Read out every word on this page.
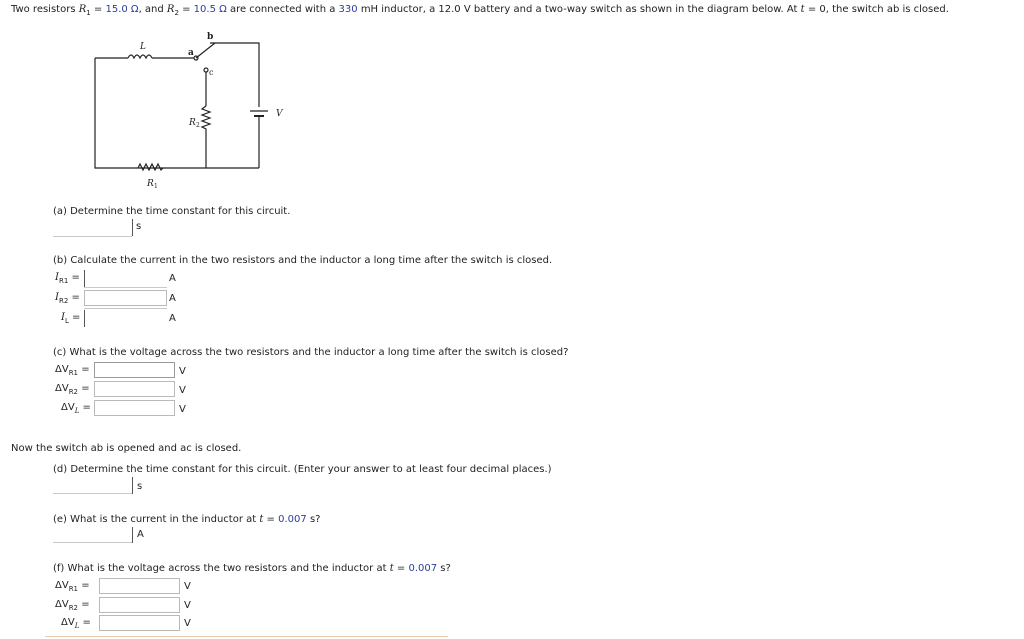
Two resistors $R_1 = 15.0$ Ω, and $R_2 = 10.5$ Ω are connected with a 330 mH inductor, a 12.0 V battery and a two-way switch as shown in the diagram below. At t = 0, the switch ab is closed.
L
a
b
c
R 2
V
R 1
(a) Determine the time constant for this circuit.
s
(b) Calculate the current in the two resistors and the inductor a long time after the switch is closed.
$I_{R1}$ =	A
$I_{R2}$ =	A
$I_L$ =	A
(c) What is the voltage across the two resistors and the inductor a long time after the switch is closed?
$\Delta V_{R1}$ =	V
$\Delta V_{R2}$ =	V
$\Delta V_L$ =	V
Now the switch ab is opened and ac is closed.
(d) Determine the time constant for this circuit. (Enter your answer to at least four decimal places.)
s
(e) What is the current in the inductor at t = 0.007 s?
A
(f) What is the voltage across the two resistors and the inductor at t = 0.007 s?
$\Delta V_{R1}$ =	V
$\Delta V_{R2}$ =	V
$\Delta V_L$ =	V
